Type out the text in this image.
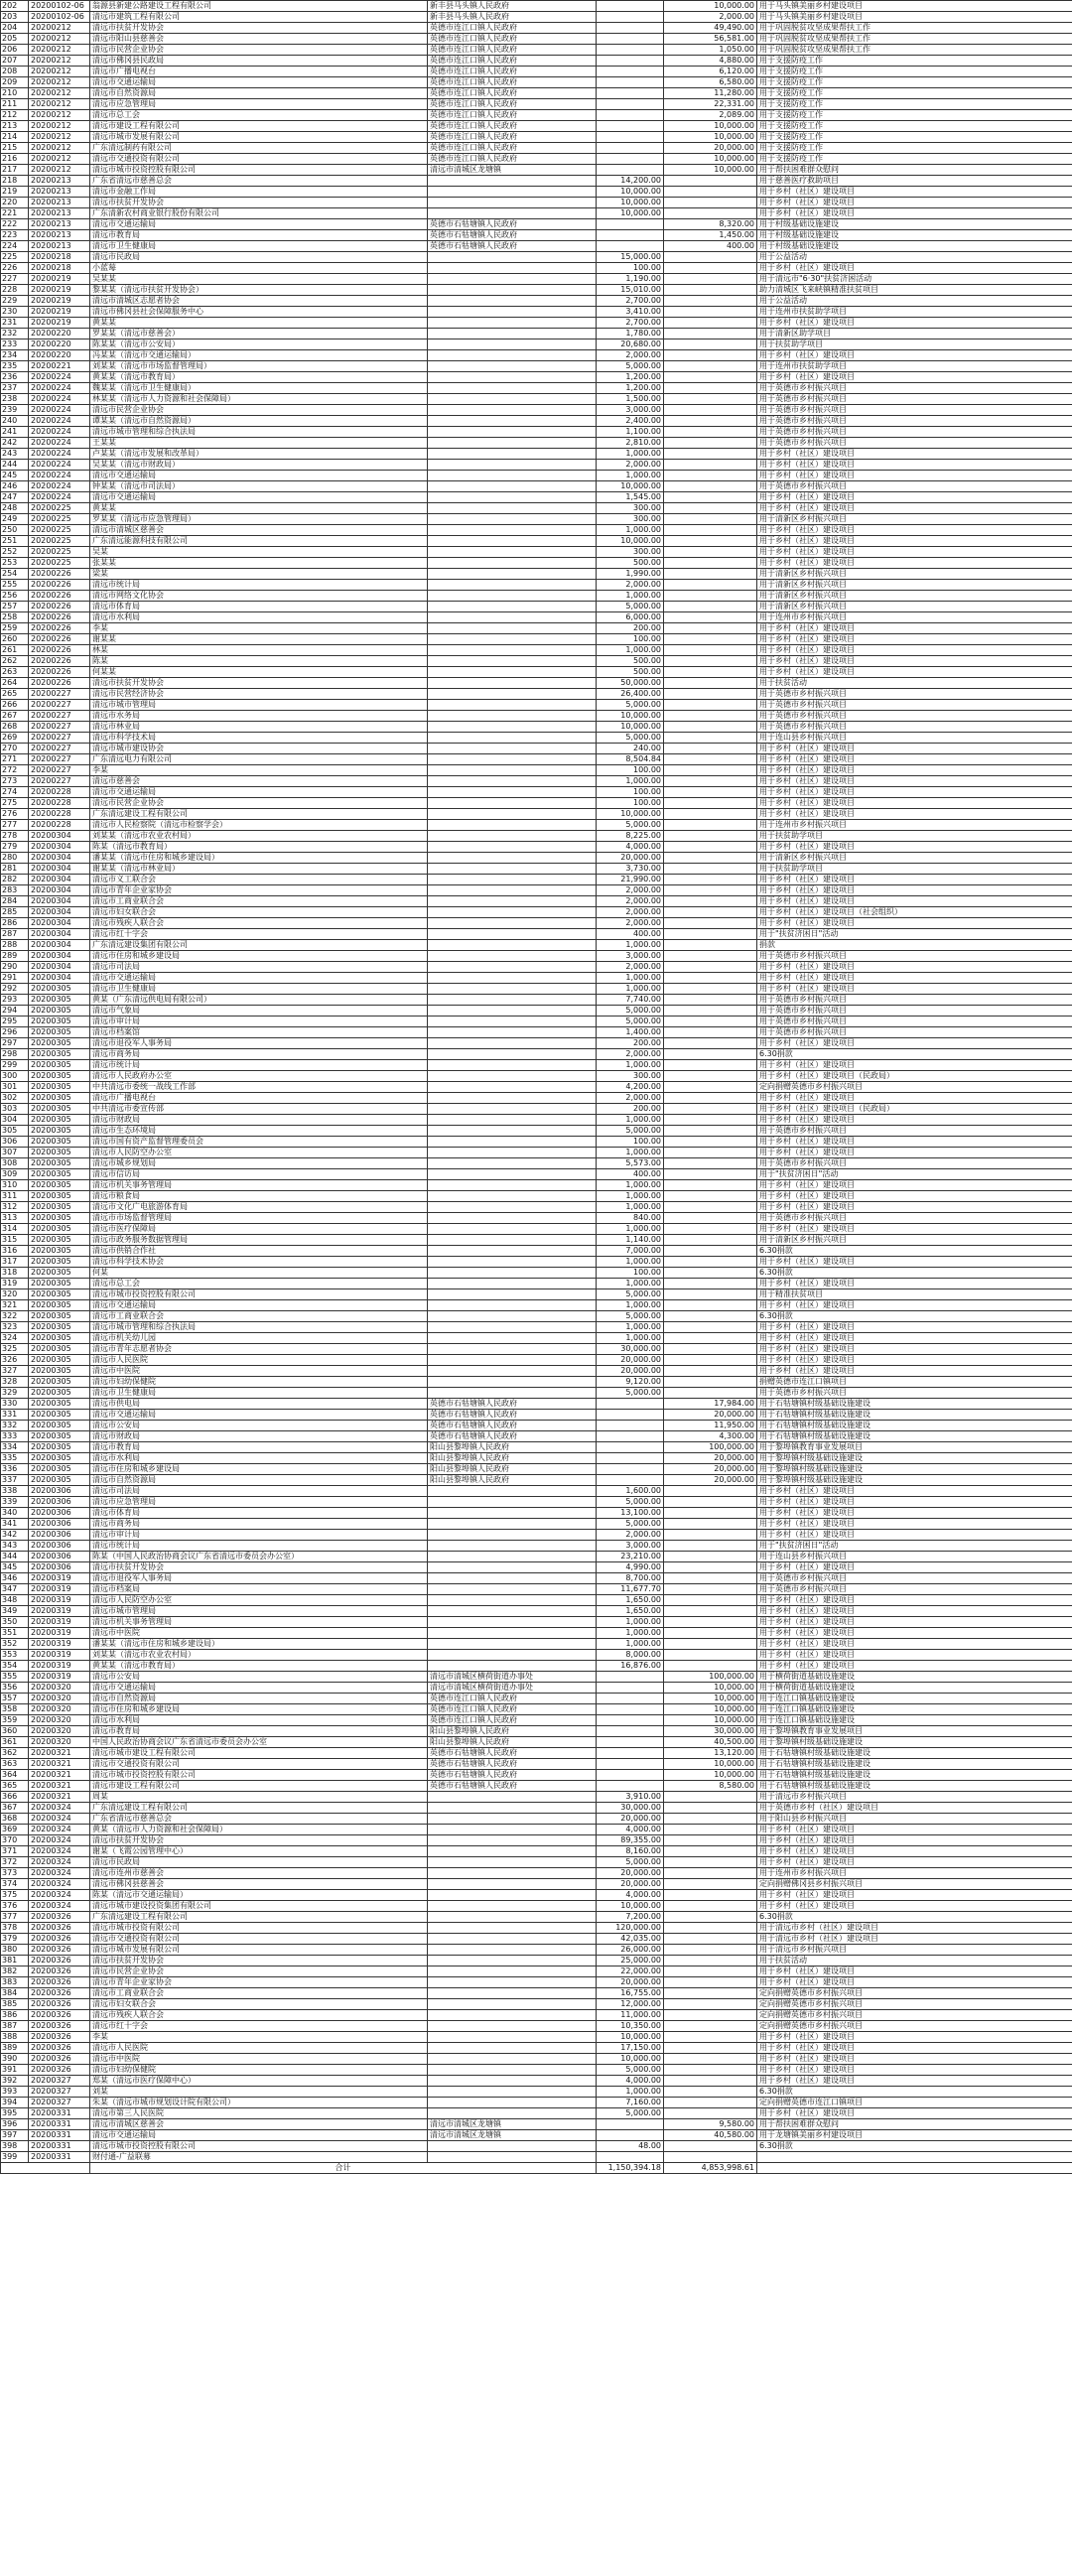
202	20200102-06	翁源县新建公路建设工程有限公司	新丰县马头镇人民政府		10,000.00	用于马头镇美丽乡村建设项目
203	20200102-06	清远市建筑工程有限公司	新丰县马头镇人民政府		2,000.00	用于马头镇美丽乡村建设项目
204	20200212	清远市扶贫开发协会	英德市连江口镇人民政府		49,490.00	用于巩固脱贫攻坚成果帮扶工作
205	20200212	清远市阳山县慈善会	英德市连江口镇人民政府		56,581.00	用于巩固脱贫攻坚成果帮扶工作
206	20200212	清远市民营企业协会	英德市连江口镇人民政府		1,050.00	用于巩固脱贫攻坚成果帮扶工作
207	20200212	清远市佛冈县民政局	英德市连江口镇人民政府		4,880.00	用于支援防疫工作
208	20200212	清远市广播电视台	英德市连江口镇人民政府		6,120.00	用于支援防疫工作
209	20200212	清远市交通运输局	英德市连江口镇人民政府		6,580.00	用于支援防疫工作
210	20200212	清远市自然资源局	英德市连江口镇人民政府		11,280.00	用于支援防疫工作
211	20200212	清远市应急管理局	英德市连江口镇人民政府		22,331.00	用于支援防疫工作
212	20200212	清远市总工会	英德市连江口镇人民政府		2,089.00	用于支援防疫工作
213	20200212	清远市建设工程有限公司	英德市连江口镇人民政府		10,000.00	用于支援防疫工作
214	20200212	清远市城市发展有限公司	英德市连江口镇人民政府		10,000.00	用于支援防疫工作
215	20200212	广东清远制药有限公司	英德市连江口镇人民政府		20,000.00	用于支援防疫工作
216	20200212	清远市交通投资有限公司	英德市连江口镇人民政府		10,000.00	用于支援防疫工作
217	20200212	清远市城市投资控股有限公司	清远市清城区龙塘镇		10,000.00	用于帮扶困难群众慰问
218	20200213	广东省清远市慈善总会		14,200.00		用于慈善医疗救助项目
219	20200213	清远市金融工作局		10,000.00		用于乡村（社区）建设项目
220	20200213	清远市扶贫开发协会		10,000.00		用于乡村（社区）建设项目
221	20200213	广东清新农村商业银行股份有限公司		10,000.00		用于乡村（社区）建设项目
222	20200213	清远市交通运输局	英德市石牯塘镇人民政府		8,320.00	用于村级基础设施建设
223	20200213	清远市教育局	英德市石牯塘镇人民政府		1,450.00	用于村级基础设施建设
224	20200213	清远市卫生健康局	英德市石牯塘镇人民政府		400.00	用于村级基础设施建设
225	20200218	清远市民政局		15,000.00		用于公益活动
226	20200218	小蓝莓		100.00		用于乡村（社区）建设项目
227	20200219	吴某某		1,190.00		用于清远市"6·30"扶贫济困活动
228	20200219	黎某某（清远市扶贫开发协会）		15,010.00		助力清城区飞来峡镇精准扶贫项目
229	20200219	清远市清城区志愿者协会		2,700.00		用于公益活动
230	20200219	清远市佛冈县社会保障服务中心		3,410.00		用于连州市扶贫助学项目
231	20200219	黄某某		2,700.00		用于乡村（社区）建设项目
232	20200220	罗某某（清远市慈善会）		1,780.00		用于清新区助学项目
233	20200220	陈某某（清远市公安局）		20,680.00		用于扶贫助学项目
234	20200220	冯某某（清远市交通运输局）		2,000.00		用于乡村（社区）建设项目
235	20200221	刘某某（清远市市场监督管理局）		5,000.00		用于连州市扶贫助学项目
236	20200224	黄某某（清远市教育局）		1,200.00		用于乡村（社区）建设项目
237	20200224	魏某某（清远市卫生健康局）		1,200.00		用于英德市乡村振兴项目
238	20200224	林某某（清远市人力资源和社会保障局）		1,500.00		用于英德市乡村振兴项目
239	20200224	清远市民营企业协会		3,000.00		用于英德市乡村振兴项目
240	20200224	谭某某（清远市自然资源局）		2,400.00		用于英德市乡村振兴项目
241	20200224	清远市城市管理和综合执法局		1,100.00		用于英德市乡村振兴项目
242	20200224	王某某		2,810.00		用于英德市乡村振兴项目
243	20200224	卢某某（清远市发展和改革局）		1,000.00		用于乡村（社区）建设项目
244	20200224	吴某某（清远市财政局）		2,000.00		用于乡村（社区）建设项目
245	20200224	清远市交通运输局		1,000.00		用于乡村（社区）建设项目
246	20200224	钟某某（清远市司法局）		10,000.00		用于英德市乡村振兴项目
247	20200224	清远市交通运输局		1,545.00		用于乡村（社区）建设项目
248	20200225	黄某某		300.00		用于乡村（社区）建设项目
249	20200225	罗某某（清远市应急管理局）		300.00		用于清新区乡村振兴项目
250	20200225	清远市清城区慈善会		1,000.00		用于乡村（社区）建设项目
251	20200225	广东清远能源科技有限公司		10,000.00		用于乡村（社区）建设项目
252	20200225	吴某		300.00		用于乡村（社区）建设项目
253	20200225	张某某		500.00		用于乡村（社区）建设项目
254	20200226	梁某		1,990.00		用于清新区乡村振兴项目
255	20200226	清远市统计局		2,000.00		用于清新区乡村振兴项目
256	20200226	清远市网络文化协会		1,000.00		用于清新区乡村振兴项目
257	20200226	清远市体育局		5,000.00		用于清新区乡村振兴项目
258	20200226	清远市水利局		6,000.00		用于连州市乡村振兴项目
259	20200226	李某		200.00		用于乡村（社区）建设项目
260	20200226	谢某某		100.00		用于乡村（社区）建设项目
261	20200226	林某		1,000.00		用于乡村（社区）建设项目
262	20200226	陈某		500.00		用于乡村（社区）建设项目
263	20200226	何某某		500.00		用于乡村（社区）建设项目
264	20200226	清远市扶贫开发协会		50,000.00		用于扶贫活动
265	20200227	清远市民营经济协会		26,400.00		用于英德市乡村振兴项目
266	20200227	清远市城市管理局		5,000.00		用于英德市乡村振兴项目
267	20200227	清远市水务局		10,000.00		用于英德市乡村振兴项目
268	20200227	清远市林业局		10,000.00		用于英德市乡村振兴项目
269	20200227	清远市科学技术局		5,000.00		用于连山县乡村振兴项目
270	20200227	清远市城市建设协会		240.00		用于乡村（社区）建设项目
271	20200227	广东清远电力有限公司		8,504.84		用于乡村（社区）建设项目
272	20200227	李某		100.00		用于乡村（社区）建设项目
273	20200227	清远市慈善会		1,000.00		用于乡村（社区）建设项目
274	20200228	清远市交通运输局		100.00		用于乡村（社区）建设项目
275	20200228	清远市民营企业协会		100.00		用于乡村（社区）建设项目
276	20200228	广东清远建设工程有限公司		10,000.00		用于乡村（社区）建设项目
277	20200228	清远市人民检察院（清远市检察学会）		5,000.00		用于连州市乡村振兴项目
278	20200304	刘某某（清远市农业农村局）		8,225.00		用于扶贫助学项目
279	20200304	陈某（清远市教育局）		4,000.00		用于乡村（社区）建设项目
280	20200304	潘某某（清远市住房和城乡建设局）		20,000.00		用于清新区乡村振兴项目
281	20200304	谢某某（清远市林业局）		3,730.00		用于扶贫助学项目
282	20200304	清远市义工联合会		21,990.00		用于乡村（社区）建设项目
283	20200304	清远市青年企业家协会		2,000.00		用于乡村（社区）建设项目
284	20200304	清远市工商业联合会		2,000.00		用于乡村（社区）建设项目
285	20200304	清远市妇女联合会		2,000.00		用于乡村（社区）建设项目（社会组织）
286	20200304	清远市残疾人联合会		2,000.00		用于乡村（社区）建设项目
287	20200304	清远市红十字会		400.00		用于"扶贫济困日"活动
288	20200304	广东清远建设集团有限公司		1,000.00		捐款
289	20200304	清远市住房和城乡建设局		3,000.00		用于英德市乡村振兴项目
290	20200304	清远市司法局		2,000.00		用于乡村（社区）建设项目
291	20200304	清远市交通运输局		1,000.00		用于乡村（社区）建设项目
292	20200305	清远市卫生健康局		1,000.00		用于乡村（社区）建设项目
293	20200305	黄某（广东清远供电局有限公司）		7,740.00		用于英德市乡村振兴项目
294	20200305	清远市气象局		5,000.00		用于英德市乡村振兴项目
295	20200305	清远市审计局		5,000.00		用于英德市乡村振兴项目
296	20200305	清远市档案馆		1,400.00		用于英德市乡村振兴项目
297	20200305	清远市退役军人事务局		200.00		用于乡村（社区）建设项目
298	20200305	清远市商务局		2,000.00		6.30捐款
299	20200305	清远市统计局		1,000.00		用于乡村（社区）建设项目
300	20200305	清远市人民政府办公室		300.00		用于乡村（社区）建设项目（民政局）
301	20200305	中共清远市委统一战线工作部		4,200.00		定向捐赠英德市乡村振兴项目
302	20200305	清远市广播电视台		2,000.00		用于乡村（社区）建设项目
303	20200305	中共清远市委宣传部		200.00		用于乡村（社区）建设项目（民政局）
304	20200305	清远市财政局		1,000.00		用于乡村（社区）建设项目
305	20200305	清远市生态环境局		5,000.00		用于英德市乡村振兴项目
306	20200305	清远市国有资产监督管理委员会		100.00		用于乡村（社区）建设项目
307	20200305	清远市人民防空办公室		1,000.00		用于乡村（社区）建设项目
308	20200305	清远市城乡规划局		5,573.00		用于英德市乡村振兴项目
309	20200305	清远市信访局		400.00		用于"扶贫济困日"活动
310	20200305	清远市机关事务管理局		1,000.00		用于乡村（社区）建设项目
311	20200305	清远市粮食局		1,000.00		用于乡村（社区）建设项目
312	20200305	清远市文化广电旅游体育局		1,000.00		用于乡村（社区）建设项目
313	20200305	清远市市场监督管理局		840.00		用于英德市乡村振兴项目
314	20200305	清远市医疗保障局		1,000.00		用于乡村（社区）建设项目
315	20200305	清远市政务服务数据管理局		1,140.00		用于清新区乡村振兴项目
316	20200305	清远市供销合作社		7,000.00		6.30捐款
317	20200305	清远市科学技术协会		1,000.00		用于乡村（社区）建设项目
318	20200305	何某		100.00		6.30捐款
319	20200305	清远市总工会		1,000.00		用于乡村（社区）建设项目
320	20200305	清远市城市投资控股有限公司		5,000.00		用于精准扶贫项目
321	20200305	清远市交通运输局		1,000.00		用于乡村（社区）建设项目
322	20200305	清远市工商业联合会		5,000.00		6.30捐款
323	20200305	清远市城市管理和综合执法局		1,000.00		用于乡村（社区）建设项目
324	20200305	清远市机关幼儿园		1,000.00		用于乡村（社区）建设项目
325	20200305	清远市青年志愿者协会		30,000.00		用于乡村（社区）建设项目
326	20200305	清远市人民医院		20,000.00		用于乡村（社区）建设项目
327	20200305	清远市中医院		20,000.00		用于乡村（社区）建设项目
328	20200305	清远市妇幼保健院		9,120.00		捐赠英德市连江口镇项目
329	20200305	清远市卫生健康局		5,000.00		用于英德市乡村振兴项目
330	20200305	清远市供电局	英德市石牯塘镇人民政府		17,984.00	用于石牯塘镇村级基础设施建设
331	20200305	清远市交通运输局	英德市石牯塘镇人民政府		20,000.00	用于石牯塘镇村级基础设施建设
332	20200305	清远市公安局	英德市石牯塘镇人民政府		11,950.00	用于石牯塘镇村级基础设施建设
333	20200305	清远市财政局	英德市石牯塘镇人民政府		4,300.00	用于石牯塘镇村级基础设施建设
334	20200305	清远市教育局	阳山县黎埠镇人民政府		100,000.00	用于黎埠镇教育事业发展项目
335	20200305	清远市水利局	阳山县黎埠镇人民政府		20,000.00	用于黎埠镇村级基础设施建设
336	20200305	清远市住房和城乡建设局	阳山县黎埠镇人民政府		20,000.00	用于黎埠镇村级基础设施建设
337	20200305	清远市自然资源局	阳山县黎埠镇人民政府		20,000.00	用于黎埠镇村级基础设施建设
338	20200306	清远市司法局		1,600.00		用于乡村（社区）建设项目
339	20200306	清远市应急管理局		5,000.00		用于乡村（社区）建设项目
340	20200306	清远市体育局		13,100.00		用于乡村（社区）建设项目
341	20200306	清远市商务局		5,000.00		用于乡村（社区）建设项目
342	20200306	清远市审计局		2,000.00		用于乡村（社区）建设项目
343	20200306	清远市统计局		3,000.00		用于"扶贫济困日"活动
344	20200306	陈某（中国人民政治协商会议广东省清远市委员会办公室）		23,210.00		用于连山县乡村振兴项目
345	20200306	清远市扶贫开发协会		4,990.00		用于乡村（社区）建设项目
346	20200319	清远市退役军人事务局		8,700.00		用于英德市乡村振兴项目
347	20200319	清远市档案局		11,677.70		用于英德市乡村振兴项目
348	20200319	清远市人民防空办公室		1,650.00		用于乡村（社区）建设项目
349	20200319	清远市城市管理局		1,650.00		用于乡村（社区）建设项目
350	20200319	清远市机关事务管理局		1,000.00		用于乡村（社区）建设项目
351	20200319	清远市中医院		1,000.00		用于乡村（社区）建设项目
352	20200319	潘某某（清远市住房和城乡建设局）		1,000.00		用于乡村（社区）建设项目
353	20200319	刘某某（清远市农业农村局）		8,000.00		用于乡村（社区）建设项目
354	20200319	黄某某（清远市教育局）		16,876.00		用于乡村（社区）建设项目
355	20200319	清远市公安局	清远市清城区横荷街道办事处		100,000.00	用于横荷街道基础设施建设
356	20200320	清远市交通运输局	清远市清城区横荷街道办事处		10,000.00	用于横荷街道基础设施建设
357	20200320	清远市自然资源局	英德市连江口镇人民政府		10,000.00	用于连江口镇基础设施建设
358	20200320	清远市住房和城乡建设局	英德市连江口镇人民政府		10,000.00	用于连江口镇基础设施建设
359	20200320	清远市水利局	英德市连江口镇人民政府		10,000.00	用于连江口镇基础设施建设
360	20200320	清远市教育局	阳山县黎埠镇人民政府		30,000.00	用于黎埠镇教育事业发展项目
361	20200320	中国人民政治协商会议广东省清远市委员会办公室	阳山县黎埠镇人民政府		40,500.00	用于黎埠镇村级基础设施建设
362	20200321	清远市城市建设工程有限公司	英德市石牯塘镇人民政府		13,120.00	用于石牯塘镇村级基础设施建设
363	20200321	清远市交通投资有限公司	英德市石牯塘镇人民政府		10,000.00	用于石牯塘镇村级基础设施建设
364	20200321	清远市城市投资控股有限公司	英德市石牯塘镇人民政府		10,000.00	用于石牯塘镇村级基础设施建设
365	20200321	清远市建设工程有限公司	英德市石牯塘镇人民政府		8,580.00	用于石牯塘镇村级基础设施建设
366	20200321	周某		3,910.00		用于清远市乡村振兴项目
367	20200324	广东清远建设工程有限公司		30,000.00		用于英德市乡村（社区）建设项目
368	20200324	广东省清远市慈善总会		20,000.00		用于阳山县乡村振兴项目
369	20200324	黄某（清远市人力资源和社会保障局）		4,000.00		用于乡村（社区）建设项目
370	20200324	清远市扶贫开发协会		89,355.00		用于乡村（社区）建设项目
371	20200324	谢某（飞霞公园管理中心）		8,160.00		用于乡村（社区）建设项目
372	20200324	清远市民政局		5,000.00		用于乡村（社区）建设项目
373	20200324	清远市连州市慈善会		20,000.00		用于连州市乡村振兴项目
374	20200324	清远市佛冈县慈善会		20,000.00		定向捐赠佛冈县乡村振兴项目
375	20200324	陈某（清远市交通运输局）		4,000.00		用于乡村（社区）建设项目
376	20200324	清远市城市建设投资集团有限公司		10,000.00		用于乡村（社区）建设项目
377	20200326	广东清远建设工程有限公司		7,200.00		6.30捐款
378	20200326	清远市城市投资有限公司		120,000.00		用于清远市乡村（社区）建设项目
379	20200326	清远市交通投资有限公司		42,035.00		用于清远市乡村（社区）建设项目
380	20200326	清远市城市发展有限公司		26,000.00		用于清远市乡村振兴项目
381	20200326	清远市扶贫开发协会		25,000.00		用于扶贫活动
382	20200326	清远市民营企业协会		22,000.00		用于乡村（社区）建设项目
383	20200326	清远市青年企业家协会		20,000.00		用于乡村（社区）建设项目
384	20200326	清远市工商业联合会		16,755.00		定向捐赠英德市乡村振兴项目
385	20200326	清远市妇女联合会		12,000.00		定向捐赠英德市乡村振兴项目
386	20200326	清远市残疾人联合会		11,000.00		定向捐赠英德市乡村振兴项目
387	20200326	清远市红十字会		10,350.00		定向捐赠英德市乡村振兴项目
388	20200326	李某		10,000.00		用于乡村（社区）建设项目
389	20200326	清远市人民医院		17,150.00		用于乡村（社区）建设项目
390	20200326	清远市中医院		10,000.00		用于乡村（社区）建设项目
391	20200326	清远市妇幼保健院		5,000.00		用于乡村（社区）建设项目
392	20200327	郑某（清远市医疗保障中心）		4,000.00		用于乡村（社区）建设项目
393	20200327	刘某		1,000.00		6.30捐款
394	20200327	朱某（清远市城市规划设计院有限公司）		7,160.00		定向捐赠英德市连江口镇项目
395	20200331	清远市第三人民医院		5,000.00		用于乡村（社区）建设项目
396	20200331	清远市清城区慈善会	清远市清城区龙塘镇		9,580.00	用于帮扶困难群众慰问
397	20200331	清远市交通运输局	清远市清城区龙塘镇		40,580.00	用于龙塘镇美丽乡村建设项目
398	20200331	清远市城市投资控股有限公司		48.00		6.30捐款
399	20200331	财付通-广益联募				
		合计		1,150,394.18	4,853,998.61	
